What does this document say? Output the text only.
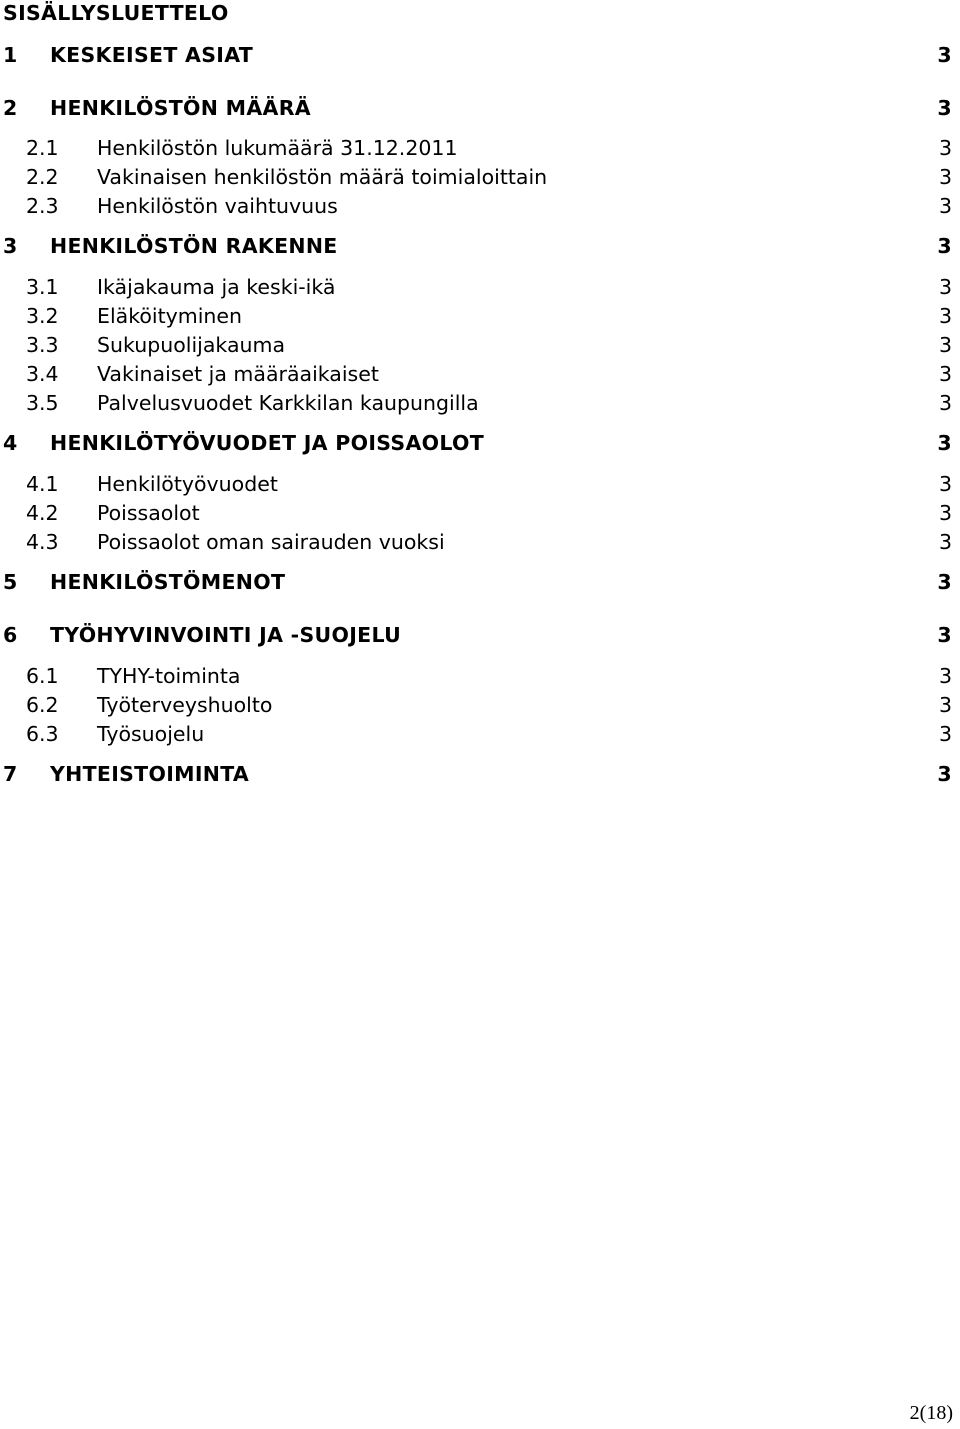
SISÄLLYSLUETTELO
1 KESKEISET ASIAT	3
2 HENKILÖSTÖN MÄÄRÄ	3
2.1 Henkilöstön lukumäärä 31.12.2011	3
2.2 Vakinaisen henkilöstön määrä toimialoittain	3
2.3 Henkilöstön vaihtuvuus	3
3 HENKILÖSTÖN RAKENNE	3
3.1 Ikäjakauma ja keski-ikä	3
3.2 Eläköityminen	3
3.3 Sukupuolijakauma	3
3.4 Vakinaiset ja määräaikaiset	3
3.5 Palvelusvuodet Karkkilan kaupungilla	3
4 HENKILÖTYÖVUODET JA POISSAOLOT	3
4.1 Henkilötyövuodet	3
4.2 Poissaolot	3
4.3 Poissaolot oman sairauden vuoksi	3
5 HENKILÖSTÖMENOT	3
6 TYÖHYVINVOINTI JA -SUOJELU	3
6.1 TYHY-toiminta	3
6.2 Työterveyshuolto	3
6.3 Työsuojelu	3
7 YHTEISTOIMINTA	3
2(18)
